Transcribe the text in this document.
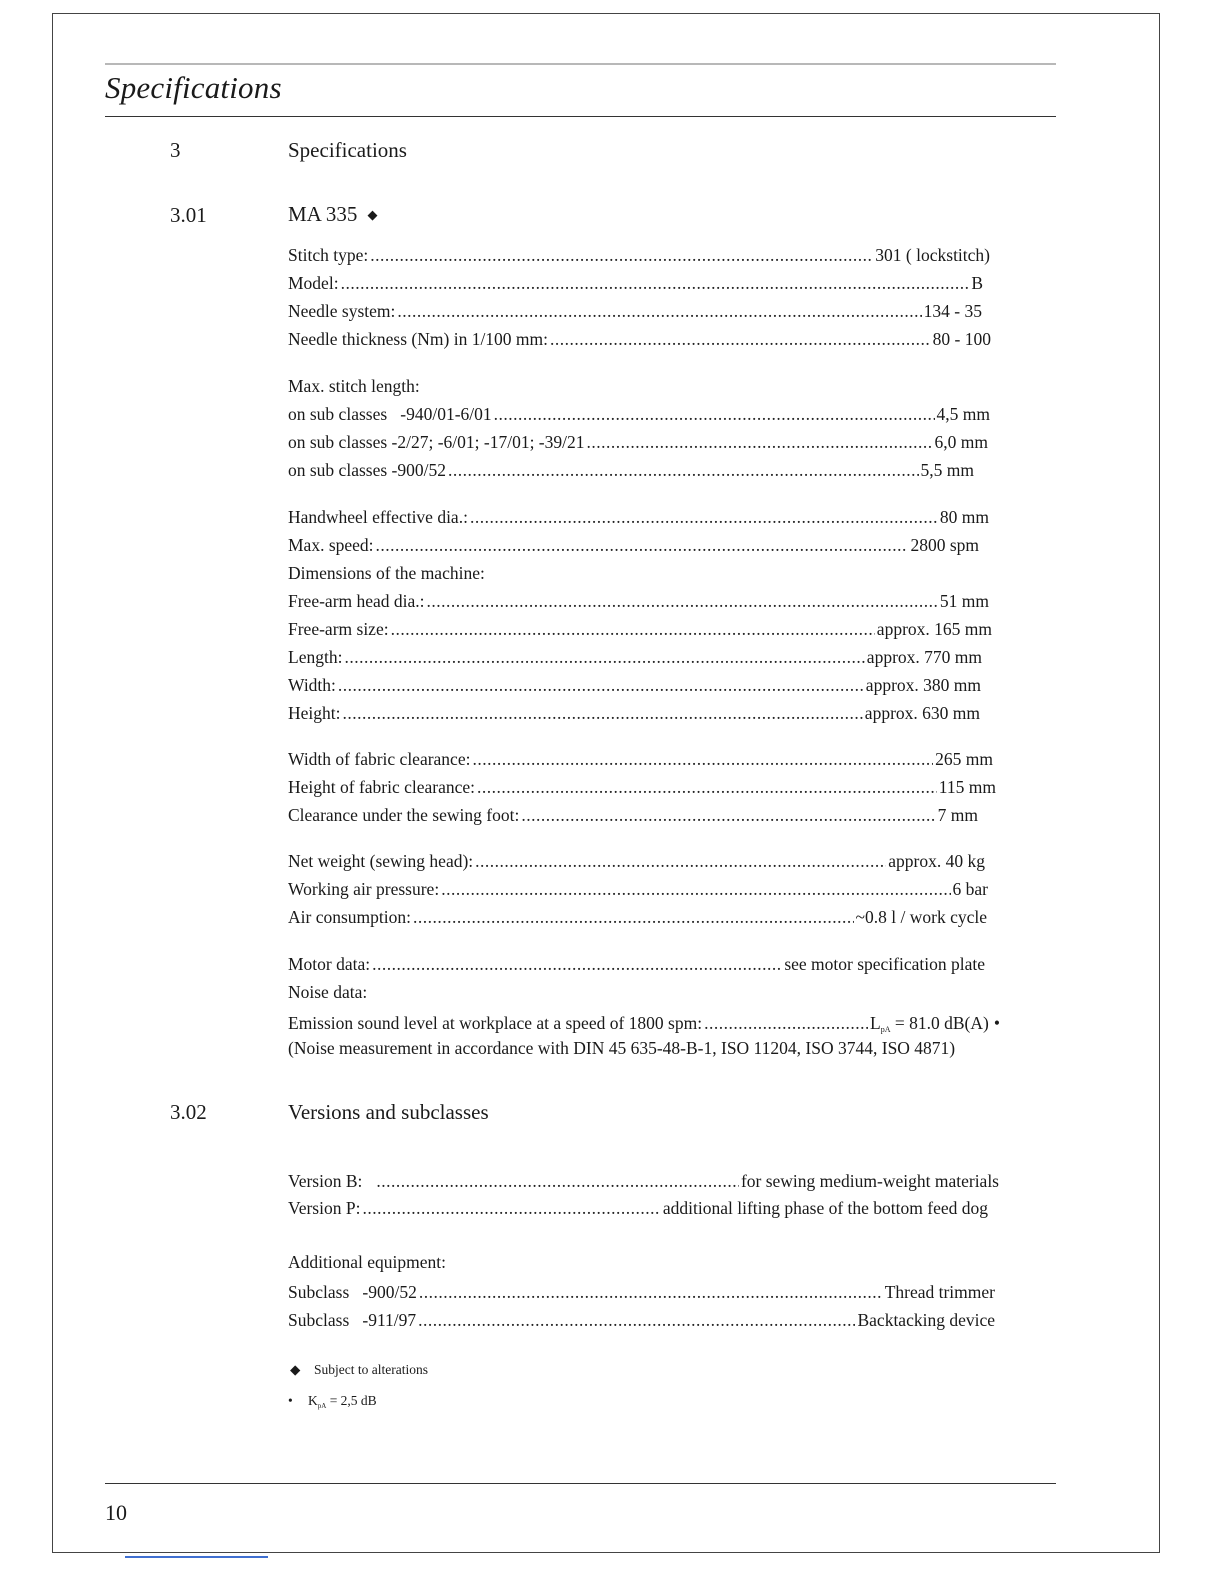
Specifications
3	Specifications
3.01	MA 335 ◆
Stitch type: .....	301 ( lockstitch)
Model: .....	B
Needle system: .....	134 - 35
Needle thickness (Nm) in 1/100 mm: .....	80 - 100
Max. stitch length:
on sub classes   -940/01-6/01 .....	4,5 mm
on sub classes -2/27; -6/01; -17/01; -39/21 .....	6,0 mm
on sub classes -900/52 .....	5,5 mm
Handwheel effective dia.: .....	80 mm
Max. speed: .....	2800 spm
Dimensions of the machine:
Free-arm head dia.: .....	51 mm
Free-arm size: .....	approx. 165 mm
Length: .....	approx. 770 mm
Width: .....	approx. 380 mm
Height: .....	approx. 630 mm
Width of fabric clearance: .....	265 mm
Height of fabric clearance: .....	115 mm
Clearance under the sewing foot: .....	7 mm
Net weight (sewing head): .....	approx. 40 kg
Working air pressure: .....	6 bar
Air consumption: .....	~0.8 l / work cycle
Motor data: .....	see motor specification plate
Noise data:
Emission sound level at workplace at a speed of 1800 spm: .....	$L_{pA} = 81.0$ dB(A) •
(Noise measurement in accordance with DIN 45 635-48-B-1, ISO 11204, ISO 3744, ISO 4871)
3.02	Versions and subclasses
Version B: .....	for sewing medium-weight materials
Version P: .....	additional lifting phase of the bottom feed dog
Additional equipment:
Subclass   -900/52 .....	Thread trimmer
Subclass   -911/97 .....	Backtacking device
◆ Subject to alterations
• $K_{pA} = 2,5$ dB
10
